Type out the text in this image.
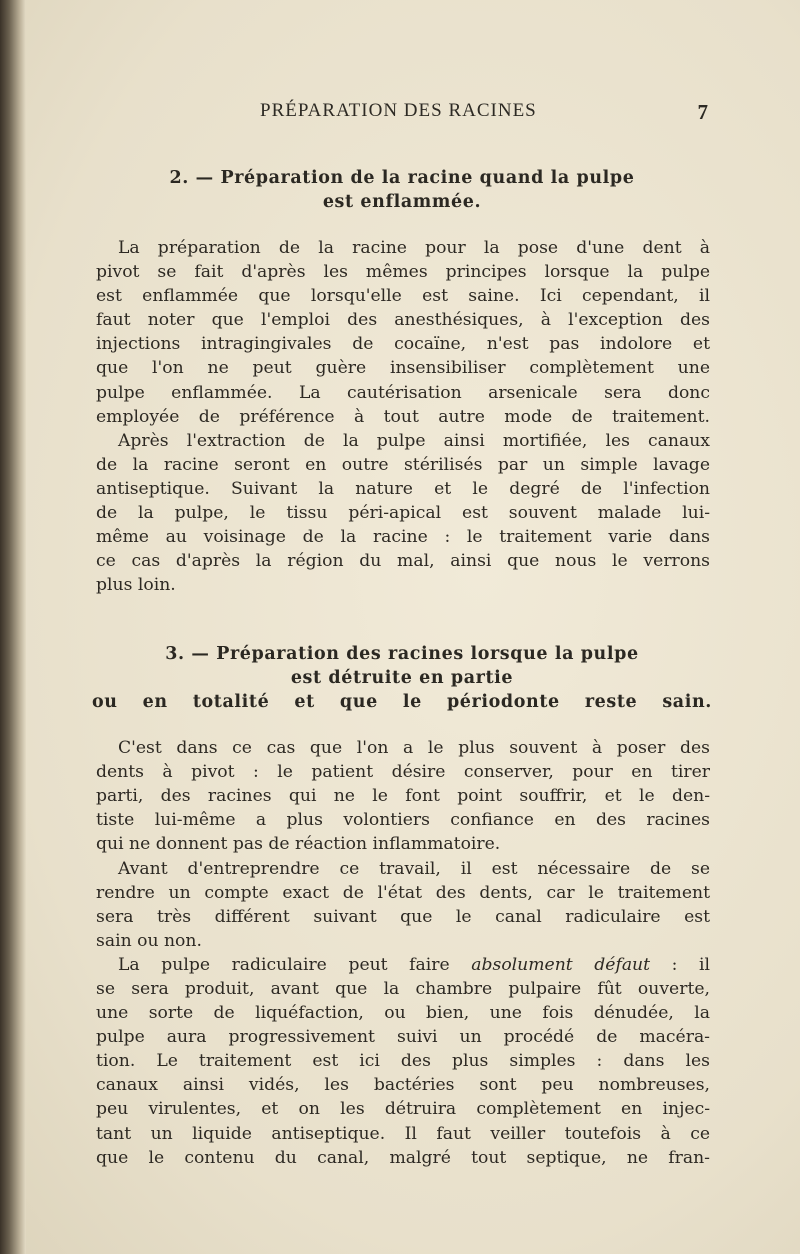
PRÉPARATION DES RACINES	7
2. — Préparation de la racine quand la pulpe
est enflammée.
La préparation de la racine pour la pose d'une dent à
pivot se fait d'après les mêmes principes lorsque la pulpe
est enflammée que lorsqu'elle est saine. Ici cependant, il
faut noter que l'emploi des anesthésiques, à l'exception des
injections intragingivales de cocaïne, n'est pas indolore et
que l'on ne peut guère insensibiliser complètement une
pulpe enflammée. La cautérisation arsenicale sera donc
employée de préférence à tout autre mode de traitement.
Après l'extraction de la pulpe ainsi mortifiée, les canaux
de la racine seront en outre stérilisés par un simple lavage
antiseptique. Suivant la nature et le degré de l'infection
de la pulpe, le tissu péri-apical est souvent malade lui-
même au voisinage de la racine : le traitement varie dans
ce cas d'après la région du mal, ainsi que nous le verrons
plus loin.
3. — Préparation des racines lorsque la pulpe
est détruite en partie
ou en totalité et que le périodonte reste sain.
C'est dans ce cas que l'on a le plus souvent à poser des
dents à pivot : le patient désire conserver, pour en tirer
parti, des racines qui ne le font point souffrir, et le den-
tiste lui-même a plus volontiers confiance en des racines
qui ne donnent pas de réaction inflammatoire.
Avant d'entreprendre ce travail, il est nécessaire de se
rendre un compte exact de l'état des dents, car le traitement
sera très différent suivant que le canal radiculaire est
sain ou non.
La pulpe radiculaire peut faire absolument défaut : il
se sera produit, avant que la chambre pulpaire fût ouverte,
une sorte de liquéfaction, ou bien, une fois dénudée, la
pulpe aura progressivement suivi un procédé de macéra-
tion. Le traitement est ici des plus simples : dans les
canaux ainsi vidés, les bactéries sont peu nombreuses,
peu virulentes, et on les détruira complètement en injec-
tant un liquide antiseptique. Il faut veiller toutefois à ce
que le contenu du canal, malgré tout septique, ne fran-
